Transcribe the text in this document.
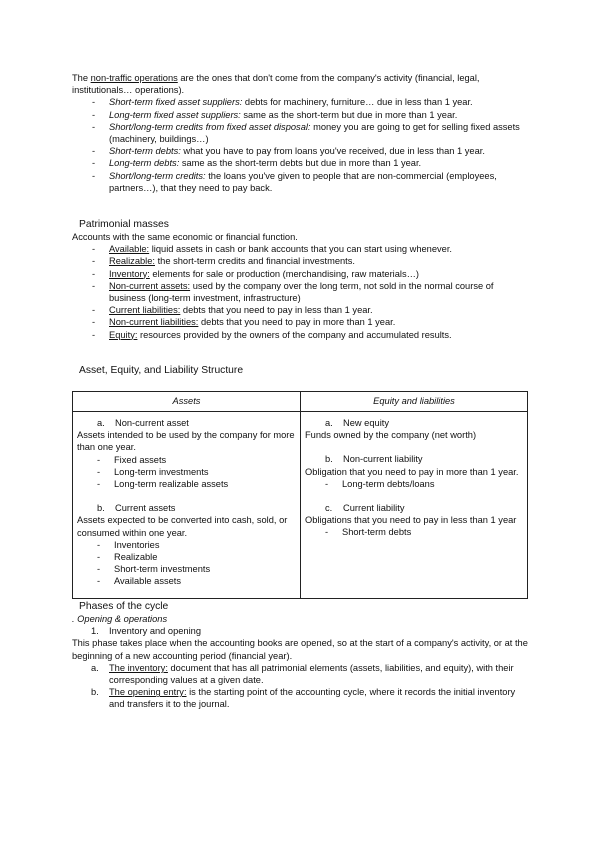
The non-traffic operations are the ones that don't come from the company's activity (financial, legal, institutionals… operations).

- Short-term fixed asset suppliers: debts for machinery, furniture… due in less than 1 year.
- Long-term fixed asset suppliers: same as the short-term but due in more than 1 year.
- Short/long-term credits from fixed asset disposal: money you are going to get for selling fixed assets (machinery, buildings…)
- Short-term debts: what you have to pay from loans you've received, due in less than 1 year.
- Long-term debts: same as the short-term debts but due in more than 1 year.
- Short/long-term credits: the loans you've given to people that are non-commercial (employees, partners…), that they need to pay back.

Patrimonial masses

Accounts with the same economic or financial function.

- Available: liquid assets in cash or bank accounts that you can start using whenever.
- Realizable: the short-term credits and financial investments.
- Inventory: elements for sale or production (merchandising, raw materials…)
- Non-current assets: used by the company over the long term, not sold in the normal course of business (long-term investment, infrastructure)
- Current liabilities: debts that you need to pay in less than 1 year.
- Non-current liabilities: debts that you need to pay in more than 1 year.
- Equity: resources provided by the owners of the company and accumulated results.

Asset, Equity, and Liability Structure

Assets
a.	Non-current asset

Assets intended to be used by the company for more than one year.

- Fixed assets
- Long-term investments
- Long-term realizable assets
b.	Current assets

Assets expected to be converted into cash, sold, or consumed within one year.

- Inventories
- Realizable
- Short-term investments
- Available assets
Equity and liabilities
a.	New equity

Funds owned by the company (net worth)

b.	Non-current liability

Obligation that you need to pay in more than 1 year.

- Long-term debts/loans
c.	Current liability

Obligations that you need to pay in less than 1 year

- Short-term debts

Phases of the cycle

. Opening & operations

1. Inventory and opening

This phase takes place when the accounting books are opened, so at the start of a company's activity, or at the beginning of a new accounting period (financial year).

a. The inventory: document that has all patrimonial elements (assets, liabilities, and equity), with their corresponding values at a given date.
b. The opening entry: is the starting point of the accounting cycle, where it records the initial inventory and transfers it to the journal.
